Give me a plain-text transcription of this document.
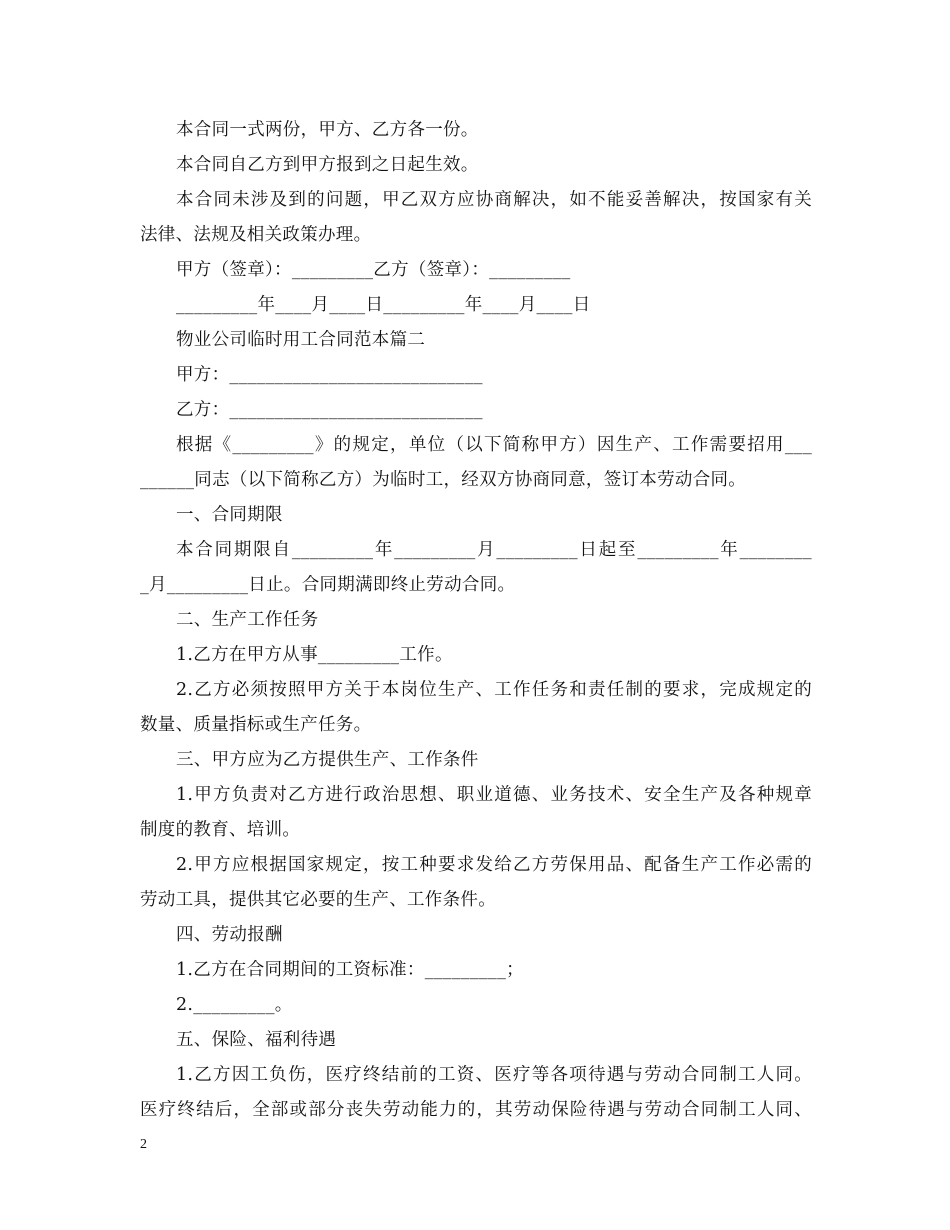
本合同一式两份，甲方、乙方各一份。
本合同自乙方到甲方报到之日起生效。
本合同未涉及到的问题，甲乙双方应协商解决，如不能妥善解决，按国家有关
法律、法规及相关政策办理。
甲方（签章）：_________乙方（签章）：_________
_________年____月____日_________年____月____日
物业公司临时用工合同范本篇二
甲方：____________________________
乙方：____________________________
根据《_________》的规定，单位（以下简称甲方）因生产、工作需要招用___
______同志（以下简称乙方）为临时工，经双方协商同意，签订本劳动合同。
一、合同期限
本合同期限自_________年_________月_________日起至_________年________
_月_________日止。合同期满即终止劳动合同。
二、生产工作任务
1.乙方在甲方从事_________工作。
2.乙方必须按照甲方关于本岗位生产、工作任务和责任制的要求，完成规定的
数量、质量指标或生产任务。
三、甲方应为乙方提供生产、工作条件
1.甲方负责对乙方进行政治思想、职业道德、业务技术、安全生产及各种规章
制度的教育、培训。
2.甲方应根据国家规定，按工种要求发给乙方劳保用品、配备生产工作必需的
劳动工具，提供其它必要的生产、工作条件。
四、劳动报酬
1.乙方在合同期间的工资标准：_________；
2._________。
五、保险、福利待遇
1.乙方因工负伤，医疗终结前的工资、医疗等各项待遇与劳动合同制工人同。
医疗终结后，全部或部分丧失劳动能力的，其劳动保险待遇与劳动合同制工人同、
2
